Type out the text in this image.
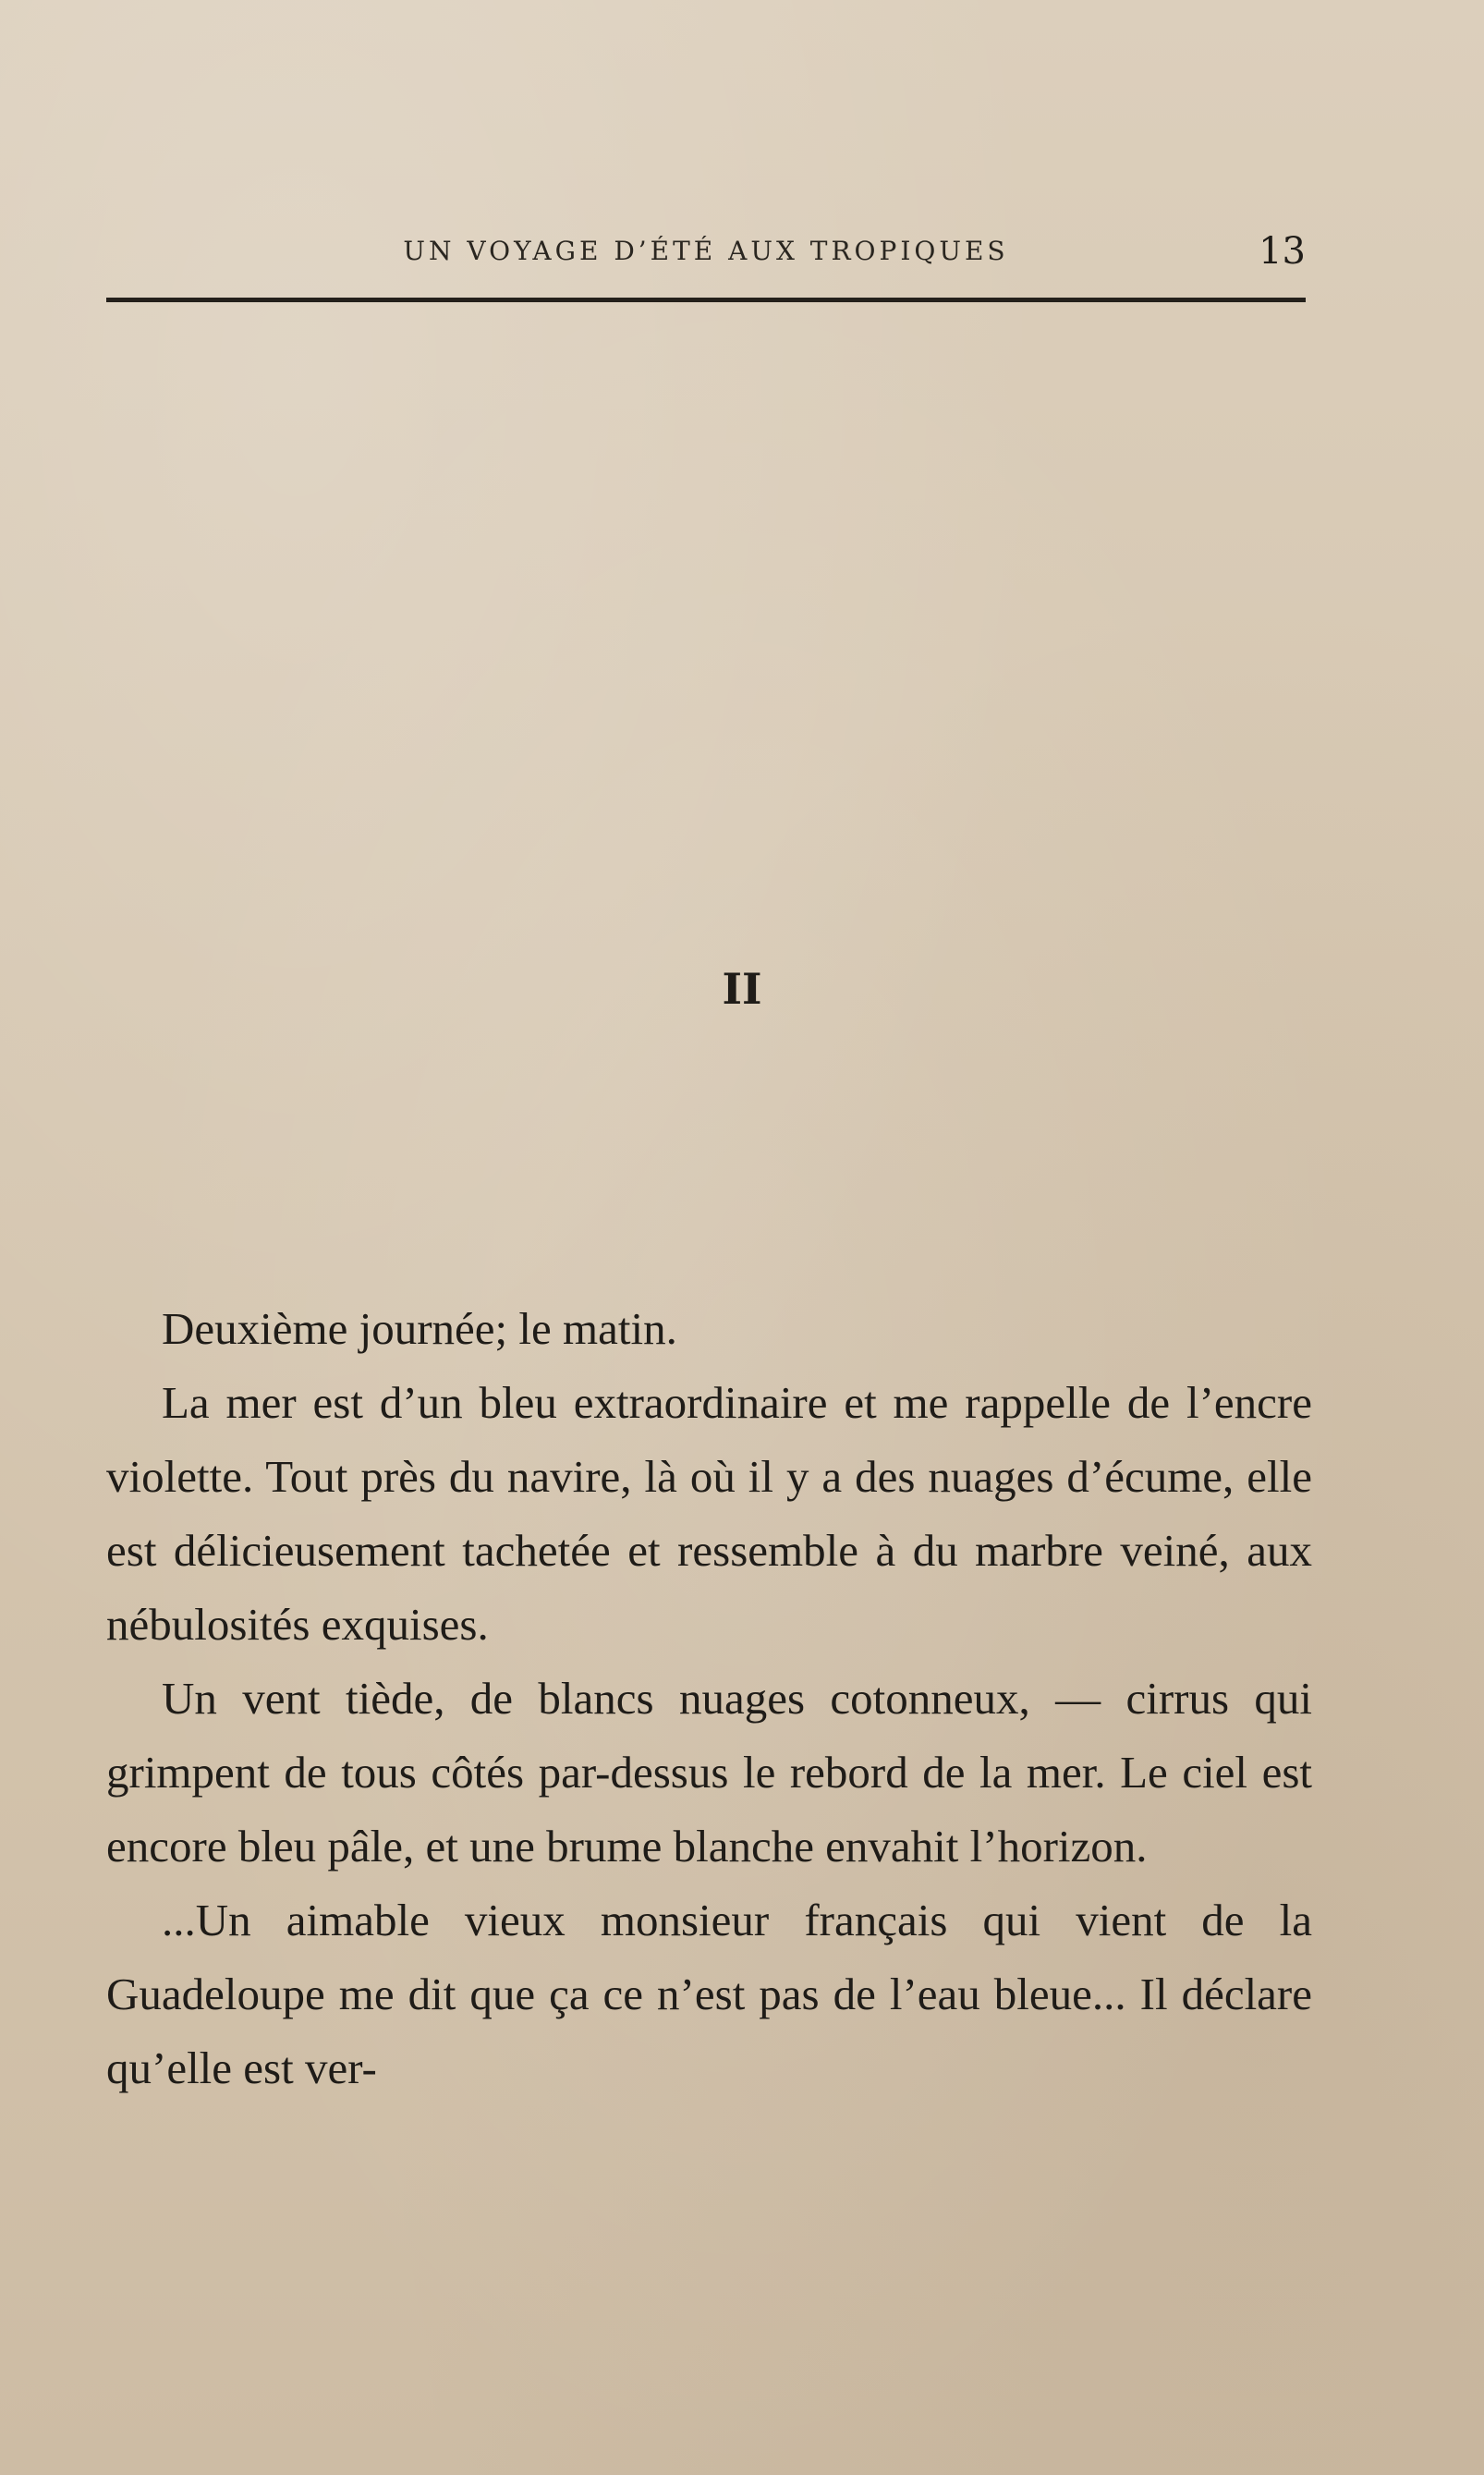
UN VOYAGE D’ÉTÉ AUX TROPIQUES	13
II

Deuxième journée; le matin.

La mer est d’un bleu extraordinaire et me rappelle de l’encre violette. Tout près du navire, là où il y a des nuages d’écume, elle est délicieusement tachetée et ressemble à du marbre veiné, aux nébulosités exquises.

Un vent tiède, de blancs nuages cotonneux, — cirrus qui grimpent de tous côtés par-dessus le rebord de la mer. Le ciel est encore bleu pâle, et une brume blanche envahit l’horizon.

...Un aimable vieux monsieur français qui vient de la Guadeloupe me dit que ça ce n’est pas de l’eau bleue... Il déclare qu’elle est ver-
